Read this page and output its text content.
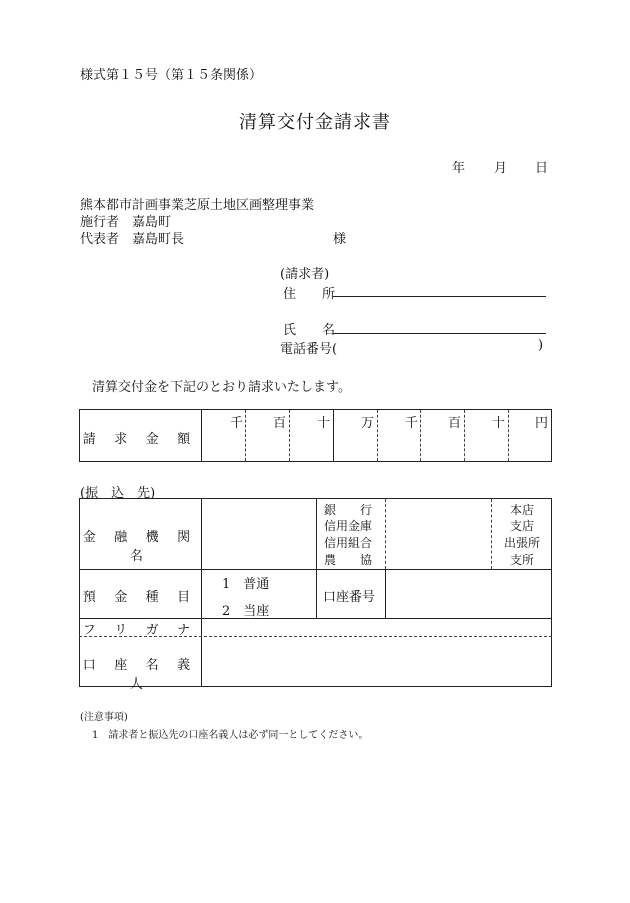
様式第１５号（第１５条関係）
清算交付金請求書
年 月 日
熊本都市計画事業芝原土地区画整理事業
施行者　嘉島町
代表者　嘉島町長	様
(請求者)
住　　所
氏　　名
電話番号(	)
清算交付金を下記のとおり請求いたします。
請 求 金 額
千 百 十 万 千 百 十 円
(振　込　先)
金 融 機 関 名
銀　　行
信用金庫
信用組合
農　　協
本店
支店
出張所
支所
預 金 種 目
1　普通
2　当座
口座番号
フ リ ガ ナ
口 座 名 義 人
(注意事項)
1　請求者と振込先の口座名義人は必ず同一としてください。
